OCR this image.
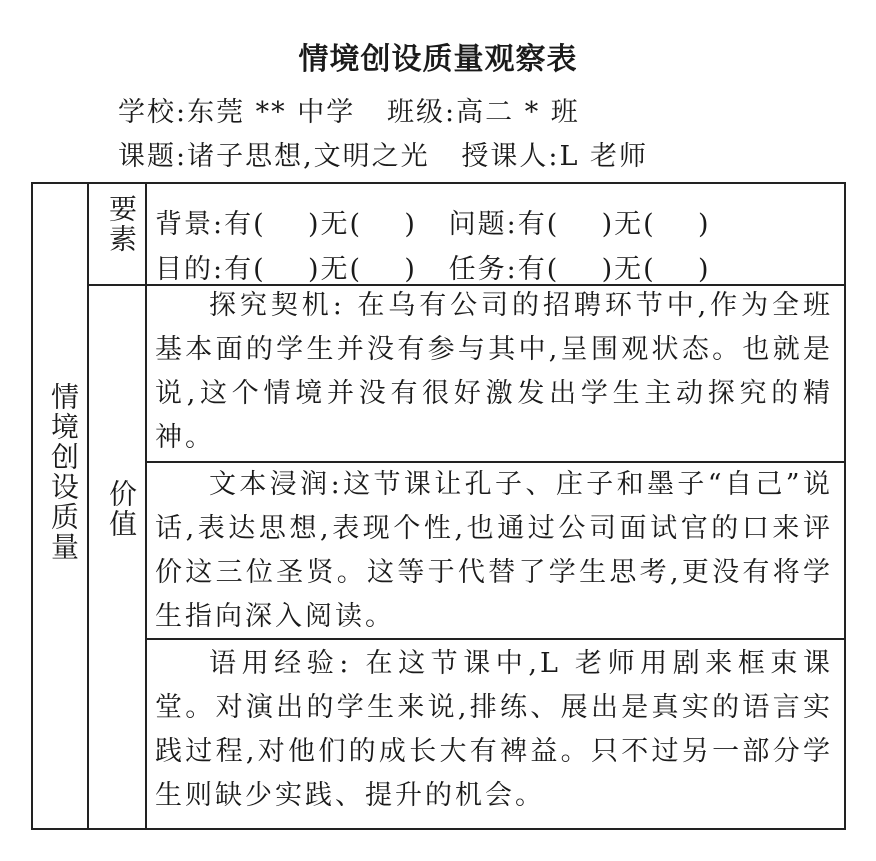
情境创设质量观察表
学校:东莞 ** 中学   班级:高二 * 班
课题:诸子思想,文明之光   授课人:L 老师
情境创设质量
要素 背景:有(    )无(    )   问题:有(    )无(    )
目的:有(    )无(    )   任务:有(    )无(    )
价值
探究契机: 在乌有公司的招聘环节中,作为全班基本面的学生并没有参与其中,呈围观状态。也就是说,这个情境并没有很好激发出学生主动探究的精神。
文本浸润:这节课让孔子、庄子和墨子“自己”说话,表达思想,表现个性,也通过公司面试官的口来评价这三位圣贤。这等于代替了学生思考,更没有将学生指向深入阅读。
语用经验: 在这节课中,L 老师用剧来框束课堂。对演出的学生来说,排练、展出是真实的语言实践过程,对他们的成长大有裨益。只不过另一部分学生则缺少实践、提升的机会。
